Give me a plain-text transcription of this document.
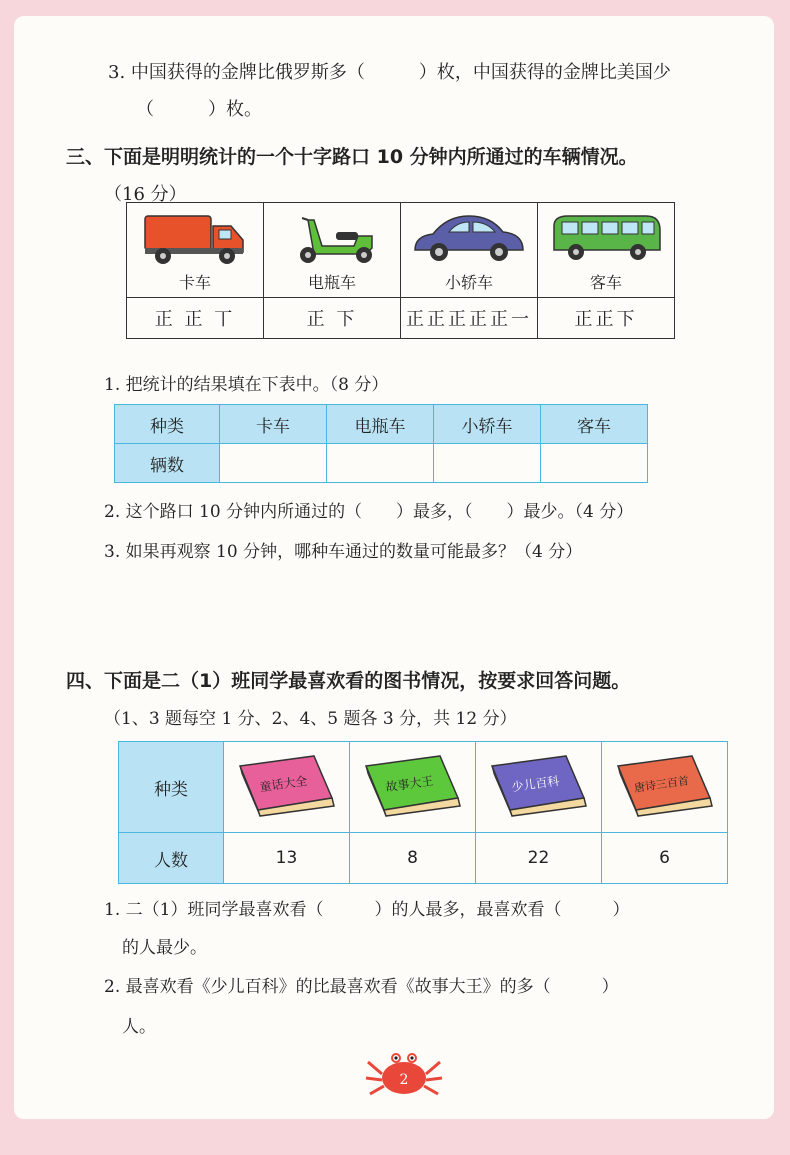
3. 中国获得的金牌比俄罗斯多（　　　）枚，中国获得的金牌比美国少
（　　　）枚。
三、下面是明明统计的一个十字路口 10 分钟内所通过的车辆情况。
（16 分）
卡车	电瓶车	小轿车	客车

正 正 丅	正 下	正正正正正一	正正下
1. 把统计的结果填在下表中。（8 分）
种类	卡车	电瓶车	小轿车	客车
辆数				
2. 这个路口 10 分钟内所通过的（　　）最多，（　　）最少。（4 分）
3. 如果再观察 10 分钟，哪种车通过的数量可能最多？（4 分）
四、下面是二（1）班同学最喜欢看的图书情况，按要求回答问题。
（1、3 题每空 1 分、2、4、5 题各 3 分，共 12 分）
种类	童话大全	故事大王	少儿百科	唐诗三百首

人数	13	8	22	6
1. 二（1）班同学最喜欢看（　　　）的人最多，最喜欢看（　　　）
的人最少。
2. 最喜欢看《少儿百科》的比最喜欢看《故事大王》的多（　　　）
人。
2
